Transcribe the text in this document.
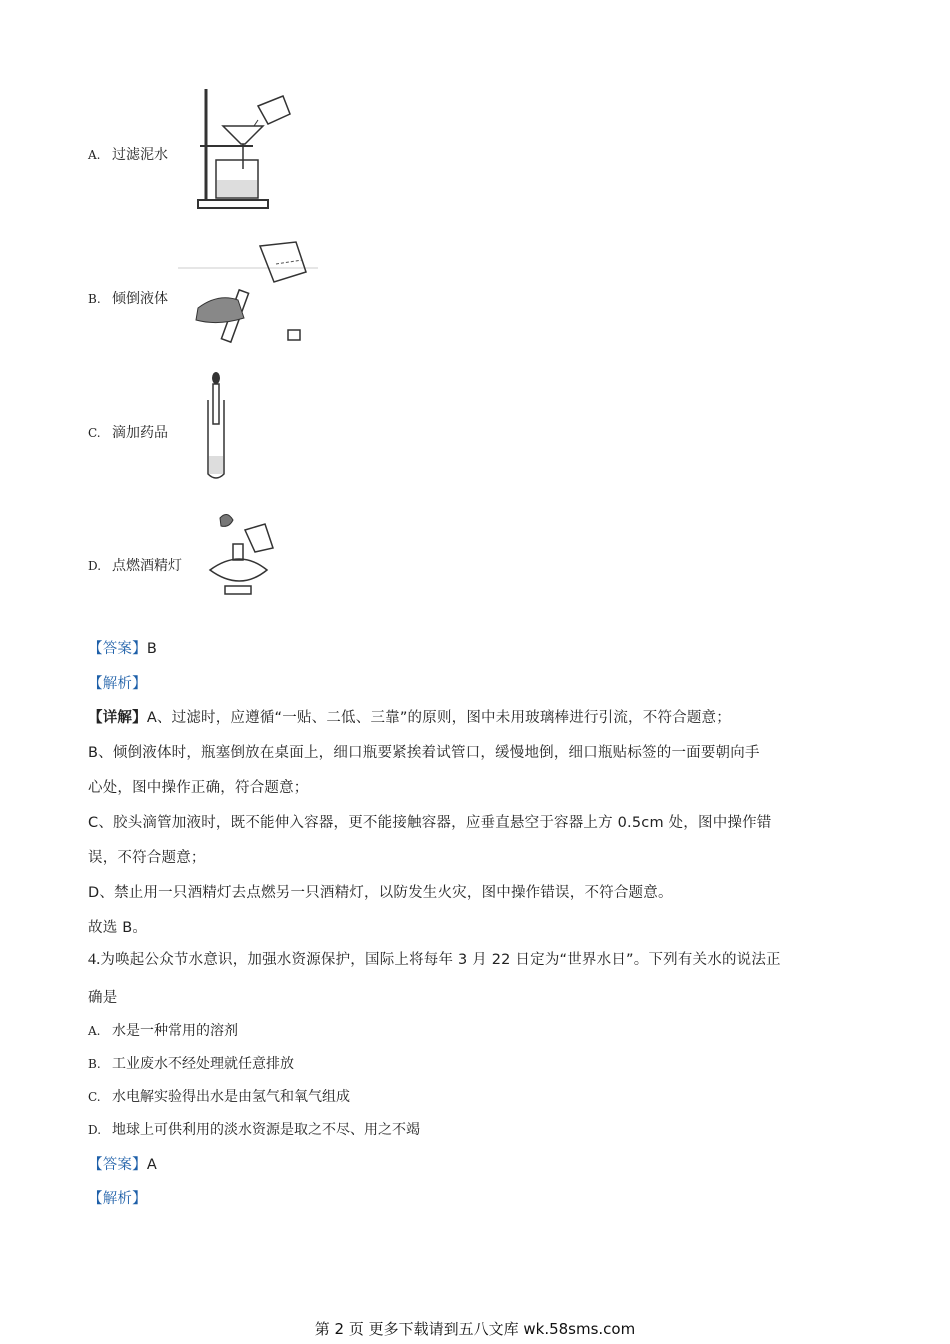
A. 过滤泥水
B. 倾倒液体
C. 滴加药品
D. 点燃酒精灯
【答案】B
【解析】
【详解】A、过滤时，应遵循“一贴、二低、三靠”的原则，图中未用玻璃棒进行引流，不符合题意；
B、倾倒液体时，瓶塞倒放在桌面上，细口瓶要紧挨着试管口，缓慢地倒，细口瓶贴标签的一面要朝向手
心处，图中操作正确，符合题意；
C、胶头滴管加液时，既不能伸入容器，更不能接触容器，应垂直悬空于容器上方 0.5cm 处，图中操作错
误，不符合题意；
D、禁止用一只酒精灯去点燃另一只酒精灯，以防发生火灾，图中操作错误，不符合题意。
故选 B。
4.为唤起公众节水意识，加强水资源保护，国际上将每年 3 月 22 日定为“世界水日”。下列有关水的说法正
确是
A. 水是一种常用的溶剂
B. 工业废水不经处理就任意排放
C. 水电解实验得出水是由氢气和氧气组成
D. 地球上可供利用的淡水资源是取之不尽、用之不竭
【答案】A
【解析】
第 2 页 更多下载请到五八文库 wk.58sms.com
